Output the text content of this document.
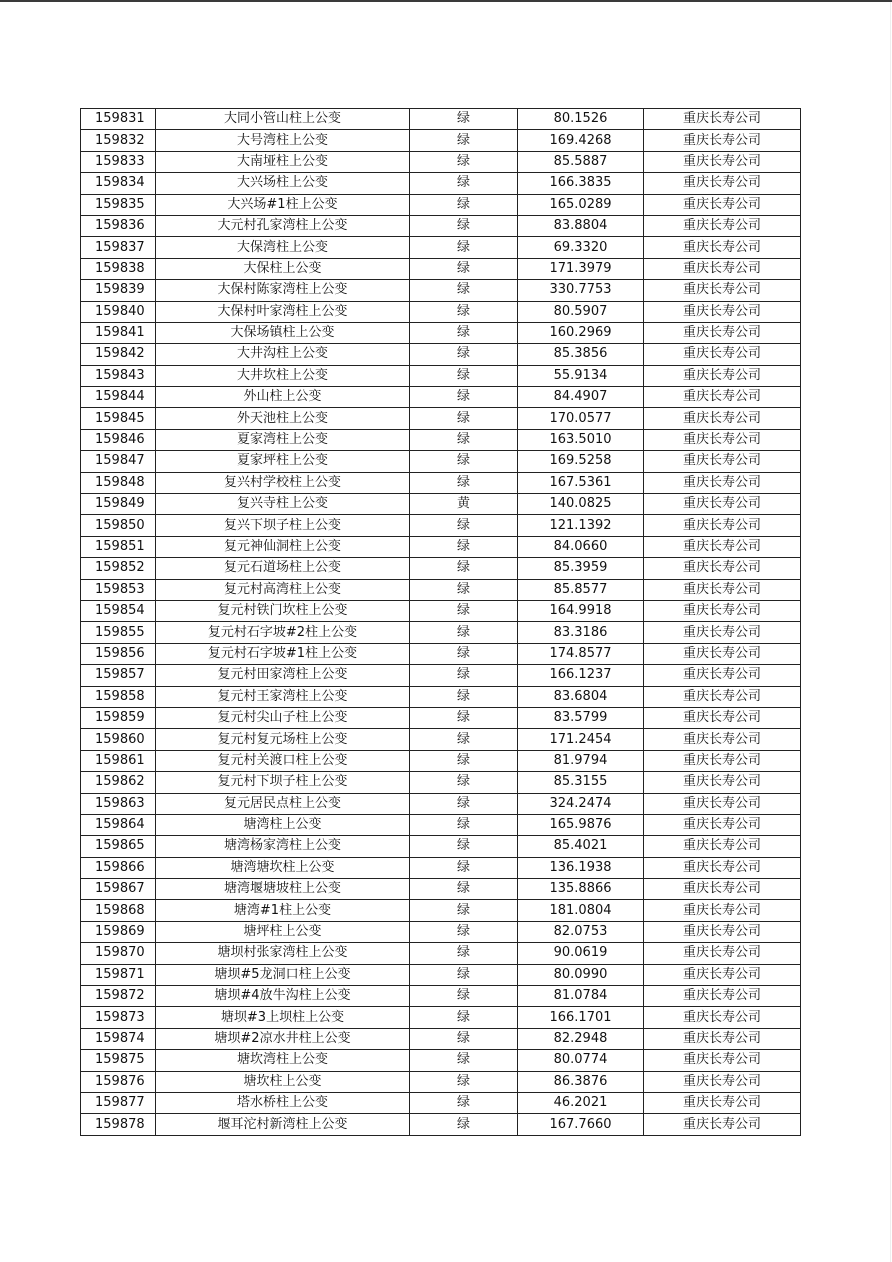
159831	大同小管山柱上公变	绿	80.1526	重庆长寿公司
159832	大号湾柱上公变	绿	169.4268	重庆长寿公司
159833	大南垭柱上公变	绿	85.5887	重庆长寿公司
159834	大兴场柱上公变	绿	166.3835	重庆长寿公司
159835	大兴场#1柱上公变	绿	165.0289	重庆长寿公司
159836	大元村孔家湾柱上公变	绿	83.8804	重庆长寿公司
159837	大保湾柱上公变	绿	69.3320	重庆长寿公司
159838	大保柱上公变	绿	171.3979	重庆长寿公司
159839	大保村陈家湾柱上公变	绿	330.7753	重庆长寿公司
159840	大保村叶家湾柱上公变	绿	80.5907	重庆长寿公司
159841	大保场镇柱上公变	绿	160.2969	重庆长寿公司
159842	大井沟柱上公变	绿	85.3856	重庆长寿公司
159843	大井坎柱上公变	绿	55.9134	重庆长寿公司
159844	外山柱上公变	绿	84.4907	重庆长寿公司
159845	外天池柱上公变	绿	170.0577	重庆长寿公司
159846	夏家湾柱上公变	绿	163.5010	重庆长寿公司
159847	夏家坪柱上公变	绿	169.5258	重庆长寿公司
159848	复兴村学校柱上公变	绿	167.5361	重庆长寿公司
159849	复兴寺柱上公变	黄	140.0825	重庆长寿公司
159850	复兴下坝子柱上公变	绿	121.1392	重庆长寿公司
159851	复元神仙洞柱上公变	绿	84.0660	重庆长寿公司
159852	复元石道场柱上公变	绿	85.3959	重庆长寿公司
159853	复元村高湾柱上公变	绿	85.8577	重庆长寿公司
159854	复元村铁门坎柱上公变	绿	164.9918	重庆长寿公司
159855	复元村石字坡#2柱上公变	绿	83.3186	重庆长寿公司
159856	复元村石字坡#1柱上公变	绿	174.8577	重庆长寿公司
159857	复元村田家湾柱上公变	绿	166.1237	重庆长寿公司
159858	复元村王家湾柱上公变	绿	83.6804	重庆长寿公司
159859	复元村尖山子柱上公变	绿	83.5799	重庆长寿公司
159860	复元村复元场柱上公变	绿	171.2454	重庆长寿公司
159861	复元村关渡口柱上公变	绿	81.9794	重庆长寿公司
159862	复元村下坝子柱上公变	绿	85.3155	重庆长寿公司
159863	复元居民点柱上公变	绿	324.2474	重庆长寿公司
159864	塘湾柱上公变	绿	165.9876	重庆长寿公司
159865	塘湾杨家湾柱上公变	绿	85.4021	重庆长寿公司
159866	塘湾塘坎柱上公变	绿	136.1938	重庆长寿公司
159867	塘湾堰塘坡柱上公变	绿	135.8866	重庆长寿公司
159868	塘湾#1柱上公变	绿	181.0804	重庆长寿公司
159869	塘坪柱上公变	绿	82.0753	重庆长寿公司
159870	塘坝村张家湾柱上公变	绿	90.0619	重庆长寿公司
159871	塘坝#5龙洞口柱上公变	绿	80.0990	重庆长寿公司
159872	塘坝#4放牛沟柱上公变	绿	81.0784	重庆长寿公司
159873	塘坝#3上坝柱上公变	绿	166.1701	重庆长寿公司
159874	塘坝#2凉水井柱上公变	绿	82.2948	重庆长寿公司
159875	塘坎湾柱上公变	绿	80.0774	重庆长寿公司
159876	塘坎柱上公变	绿	86.3876	重庆长寿公司
159877	塔水桥柱上公变	绿	46.2021	重庆长寿公司
159878	堰耳沱村新湾柱上公变	绿	167.7660	重庆长寿公司
